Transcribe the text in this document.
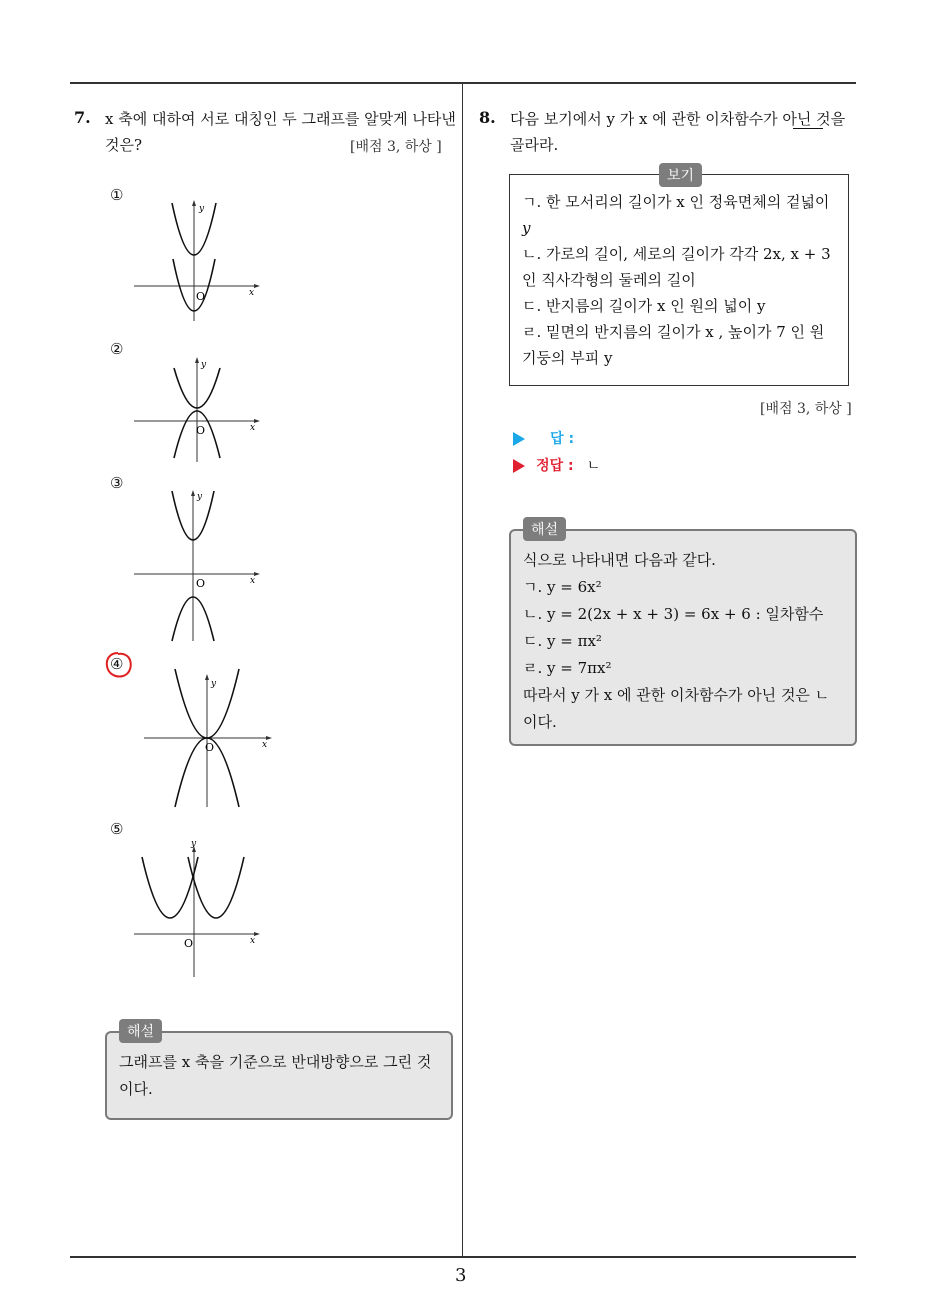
3
7. x 축에 대하여 서로 대칭인 두 그래프를 알맞게 나타낸
것은?	[배점 3, 하상 ]
①
y
x
O
②
y
x
O
③
y
x
O
④
y
x
O
⑤
y
x
O
그래프를 x 축을 기준으로 반대방향으로 그린 것
이다.
해설
8. 다음 보기에서 y 가 x 에 관한 이차함수가 아닌 것을
골라라.
ㄱ. 한 모서리의 길이가 x 인 정육면체의 겉넓이
y
ㄴ. 가로의 길이, 세로의 길이가 각각 2x, x + 3
인 직사각형의 둘레의 길이
ㄷ. 반지름의 길이가 x 인 원의 넓이 y
ㄹ. 밑면의 반지름의 길이가 x , 높이가 7 인 원
기둥의 부피 y
보기
[배점 3, 하상 ]
답 :
정답 : ㄴ
식으로 나타내면 다음과 같다.
ㄱ. y = 6x²
ㄴ. y = 2(2x + x + 3) = 6x + 6 : 일차함수
ㄷ. y = πx²
ㄹ. y = 7πx²
따라서 y 가 x 에 관한 이차함수가 아닌 것은 ㄴ
이다.
해설
